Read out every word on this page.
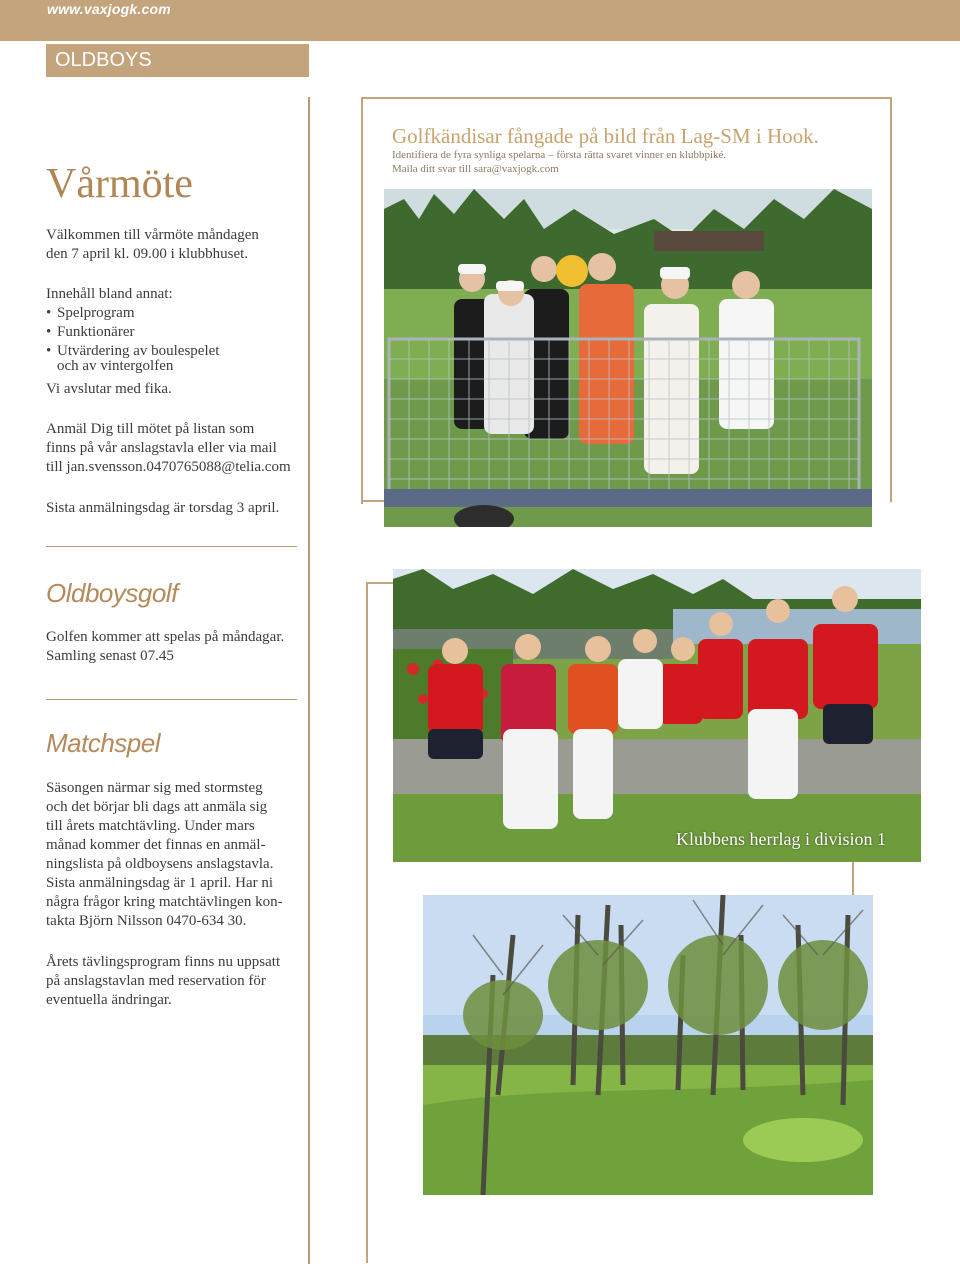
www.vaxjogk.com
OLDBOYS
Vårmöte

Välkommen till vårmöte måndagen

den 7 april kl. 09.00 i klubbhuset.

Innehåll bland annat:

• Spelprogram
• Funktionärer
• Utvärdering av boulespelet

och av vintergolfen

Vi avslutar med fika.

Anmäl Dig till mötet på listan som

finns på vår anslagstavla eller via mail

till jan.svensson.0470765088@telia.com

Sista anmälningsdag är torsdag 3 april.
Oldboysgolf

Golfen kommer att spelas på måndagar.

Samling senast 07.45

Matchspel

Säsongen närmar sig med stormsteg

och det börjar bli dags att anmäla sig

till årets matchtävling. Under mars

månad kommer det finnas en anmäl-

ningslista på oldboysens anslagstavla.

Sista anmälningsdag är 1 april. Har ni

några frågor kring matchtävlingen kon-

takta Björn Nilsson 0470-634 30.

Årets tävlingsprogram finns nu uppsatt

på anslagstavlan med reservation för

eventuella ändringar.

Golfkändisar fångade på bild från Lag-SM i Hook.
Identifiera de fyra synliga spelarna – första rätta svaret vinner en klubbpiké.
Maila ditt svar till sara@vaxjogk.com
Klubbens herrlag i division 1
